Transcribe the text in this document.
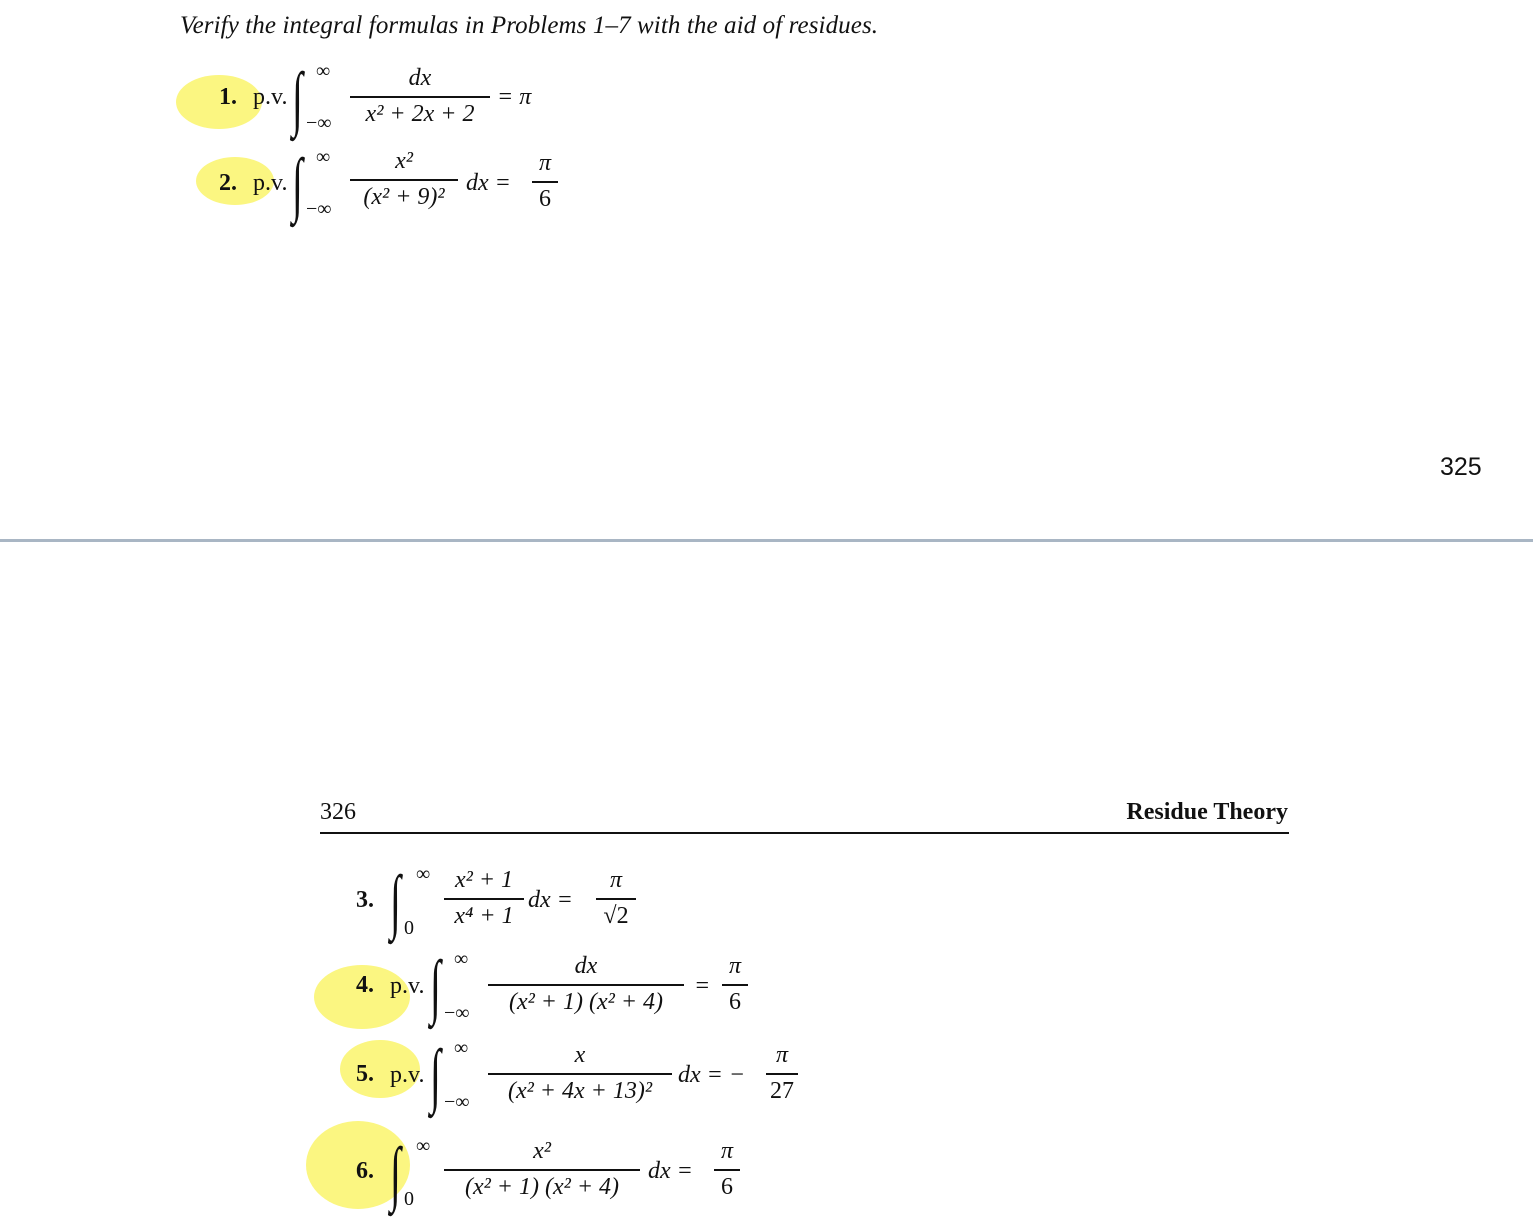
Verify the integral formulas in Problems 1–7 with the aid of residues.
1. p.v. ∫ ∞
−∞
dx
x² + 2x + 2
= π
2. p.v. ∫ ∞
−∞
x²
(x² + 9)²
dx =
π
6
325
326	Residue Theory
3. ∫ ∞
0
x² + 1
x⁴ + 1
dx =
π
√2
4. p.v. ∫ ∞
−∞
dx
(x² + 1) (x² + 4)
=
π
6
5. p.v. ∫ ∞
−∞
x
(x² + 4x + 13)²
dx = −
π
27
6. ∫ ∞
0
x²
(x² + 1) (x² + 4)
dx =
π
6
